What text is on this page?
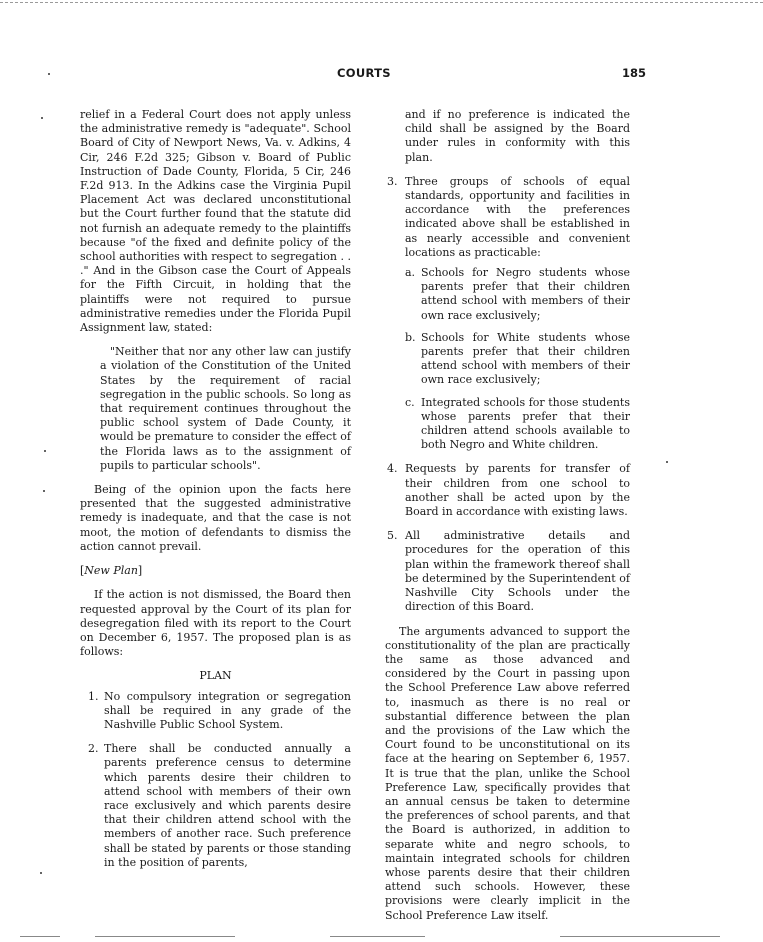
COURTS	185

relief in a Federal Court does not apply unless the administrative remedy is "adequate". School Board of City of Newport News, Va. v. Adkins, 4 Cir, 246 F.2d 325; Gibson v. Board of Public Instruction of Dade County, Florida, 5 Cir, 246 F.2d 913. In the Adkins case the Virginia Pupil Placement Act was declared unconstitutional but the Court further found that the statute did not furnish an adequate remedy to the plaintiffs because "of the fixed and definite policy of the school authorities with respect to segregation . . ." And in the Gibson case the Court of Appeals for the Fifth Circuit, in holding that the plaintiffs were not required to pursue administrative remedies under the Florida Pupil Assignment law, stated:

"Neither that nor any other law can justify a violation of the Constitution of the United States by the requirement of racial segregation in the public schools. So long as that requirement continues throughout the public school system of Dade County, it would be premature to consider the effect of the Florida laws as to the assignment of pupils to particular schools".

Being of the opinion upon the facts here presented that the suggested administrative remedy is inadequate, and that the case is not moot, the motion of defendants to dismiss the action cannot prevail.

[New Plan]

If the action is not dismissed, the Board then requested approval by the Court of its plan for desegregation filed with its report to the Court on December 6, 1957. The proposed plan is as follows:

PLAN

1. No compulsory integration or segregation shall be required in any grade of the Nashville Public School System.
2. There shall be conducted annually a parents preference census to determine which parents desire their children to attend school with members of their own race exclusively and which parents desire that their children attend school with the members of another race. Such preference shall be stated by parents or those standing in the position of parents,

and if no preference is indicated the child shall be assigned by the Board under rules in conformity with this plan.

3. Three groups of schools of equal standards, opportunity and facilities in accordance with the preferences indicated above shall be established in as nearly accessible and convenient locations as practicable:
a. Schools for Negro students whose parents prefer that their children attend school with members of their own race exclusively;
b. Schools for White students whose parents prefer that their children attend school with members of their own race exclusively;
c. Integrated schools for those students whose parents prefer that their children attend schools available to both Negro and White children.
4. Requests by parents for transfer of their children from one school to another shall be acted upon by the Board in accordance with existing laws.
5. All administrative details and procedures for the operation of this plan within the framework thereof shall be determined by the Superintendent of Nashville City Schools under the direction of this Board.

The arguments advanced to support the constitutionality of the plan are practically the same as those advanced and considered by the Court in passing upon the School Preference Law above referred to, inasmuch as there is no real or substantial difference between the plan and the provisions of the Law which the Court found to be unconstitutional on its face at the hearing on September 6, 1957. It is true that the plan, unlike the School Preference Law, specifically provides that an annual census be taken to determine the preferences of school parents, and that the Board is authorized, in addition to separate white and negro schools, to maintain integrated schools for children whose parents desire that their children attend such schools. However, these provisions were clearly implicit in the School Preference Law itself.
